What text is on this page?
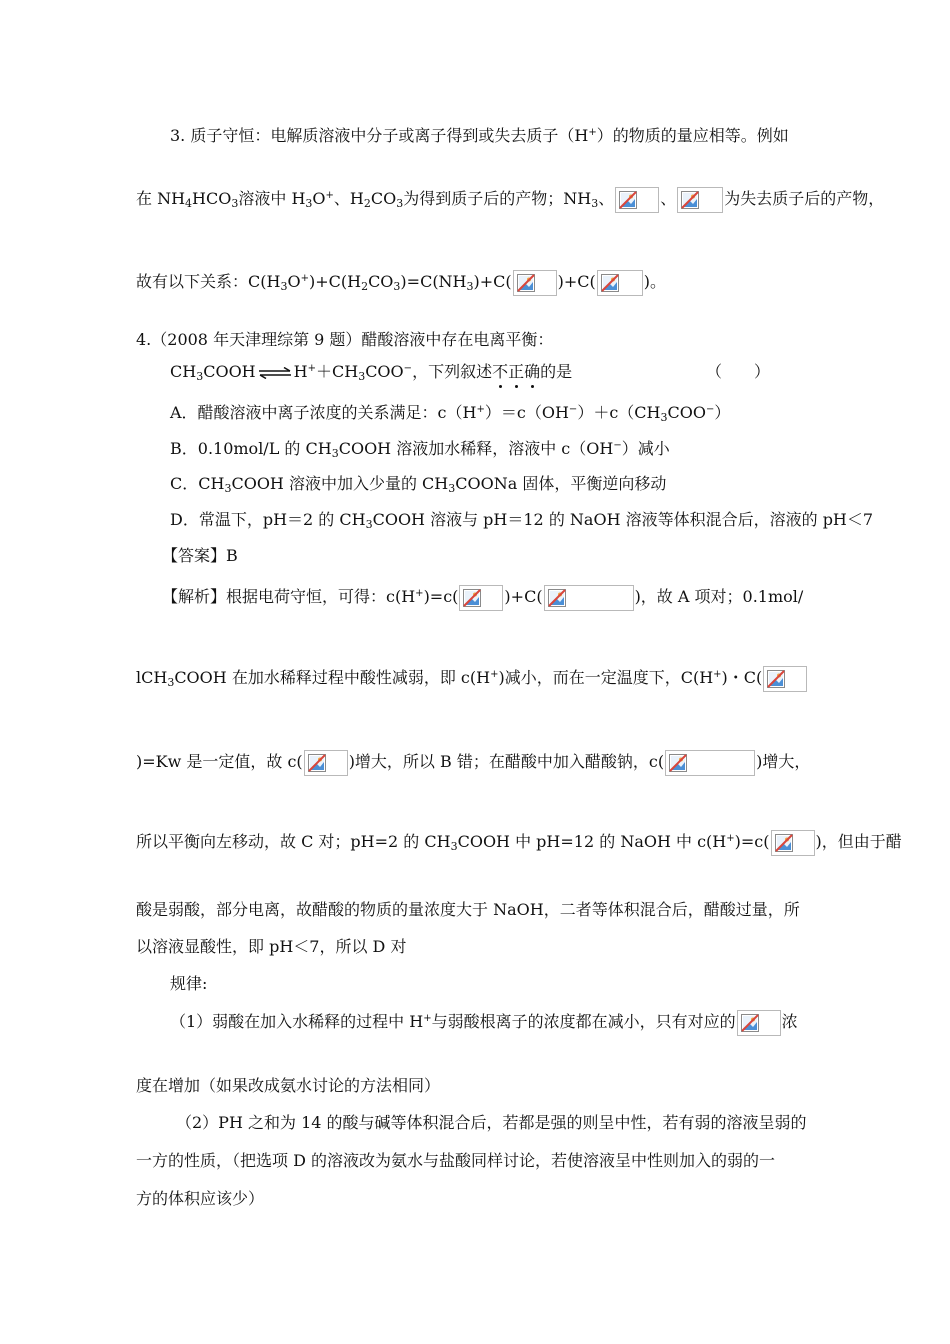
3. 质子守恒：电解质溶液中分子或离子得到或失去质子（H+）的物质的量应相等。例如
在 $NH_4HCO_3$溶液中 $H_3O^+$、$H_2CO_3$为得到质子后的产物；$NH_3$、	、	为失去质子后的产物，
故有以下关系：$C(H_3O^+)+C(H_2CO_3)=C(NH_3)+C$(	)+C(	)。
4.（2008 年天津理综第 9 题）醋酸溶液中存在电离平衡：
$CH_3COOH$ ⇌ $H^++CH_3COO^-$，下列叙述不正确的是	（　　）
A．醋酸溶液中离子浓度的关系满足：$c(H^+)=c(OH^-)+c(CH_3COO^-)$
B．0.10mol/L 的 $CH_3COOH$ 溶液加水稀释，溶液中 c（OH−）减小
C．$CH_3COOH$ 溶液中加入少量的 $CH_3COONa$ 固体，平衡逆向移动
D．常温下，pH＝2 的 $CH_3COOH$ 溶液与 pH＝12 的 NaOH 溶液等体积混合后，溶液的 pH＜7
【答案】B
【解析】根据电荷守恒，可得：c(H+)=c(	)+C(	)，故 A 项对；0.1mol/
lCH$_3$COOH 在加水稀释过程中酸性减弱，即 c(H+)减小，而在一定温度下，C(H+)・C(
)=Kw 是一定值，故 c(	)增大，所以 B 错；在醋酸中加入醋酸钠，c(	)增大，
所以平衡向左移动，故 C 对；pH=2 的 $CH_3COOH$ 中 pH=12 的 NaOH 中 c(H+)=c(	)，但由于醋
酸是弱酸，部分电离，故醋酸的物质的量浓度大于 NaOH，二者等体积混合后，醋酸过量，所
以溶液显酸性，即 pH＜7，所以 D 对
规律:
（1）弱酸在加入水稀释的过程中 H+与弱酸根离子的浓度都在减小，只有对应的	浓
度在增加（如果改成氨水讨论的方法相同）
（2）PH 之和为 14 的酸与碱等体积混合后，若都是强的则呈中性，若有弱的溶液呈弱的
一方的性质，（把选项 D 的溶液改为氨水与盐酸同样讨论，若使溶液呈中性则加入的弱的一
方的体积应该少）
